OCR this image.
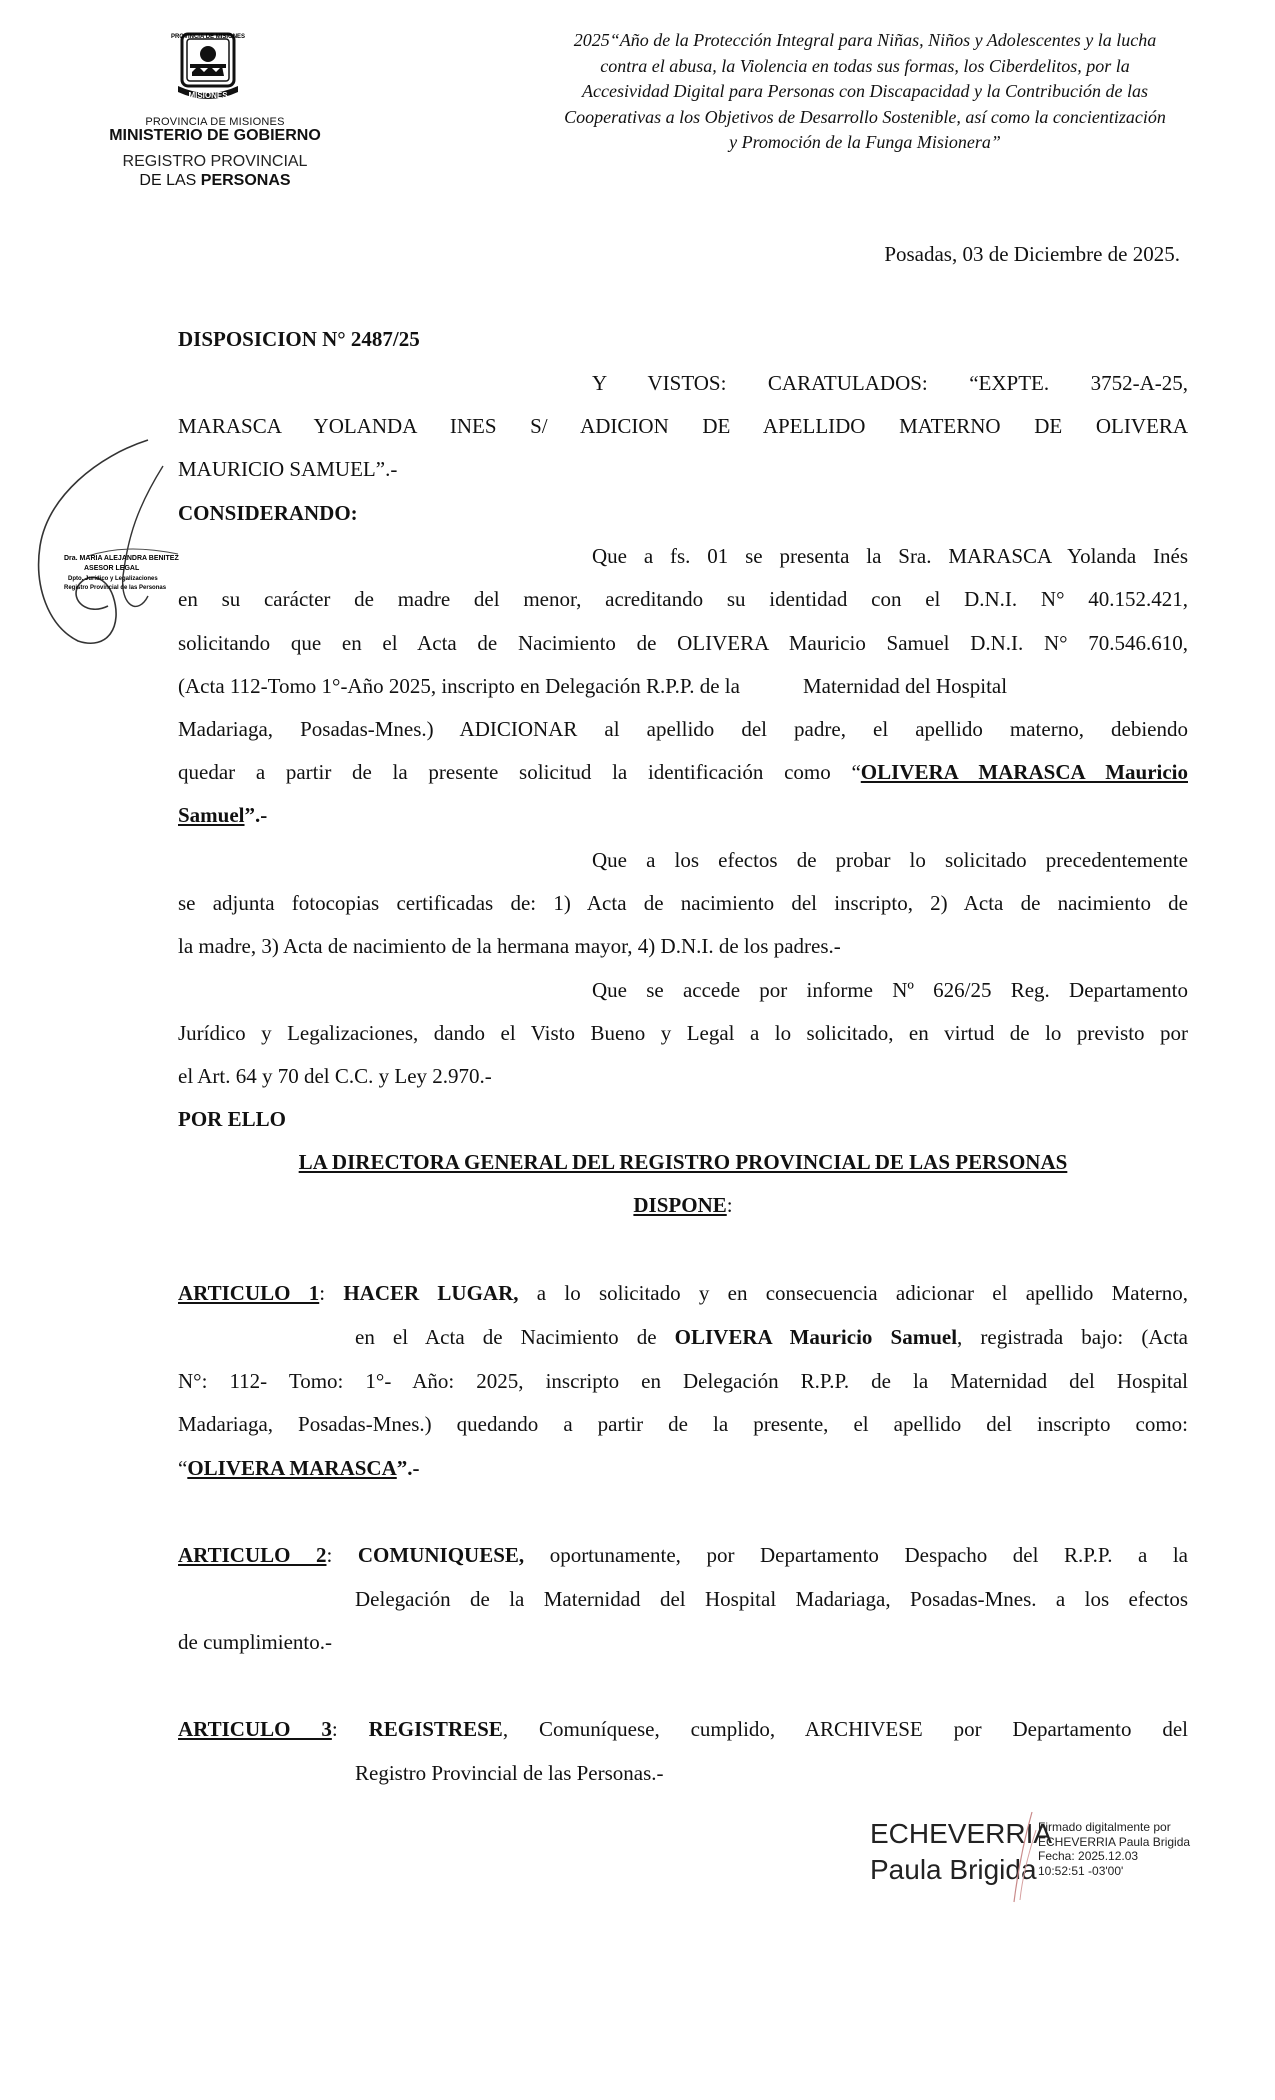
PROVINCIA DE MISIONES
MISIONES
PROVINCIA DE MISIONES
MINISTERIO DE GOBIERNO
REGISTRO PROVINCIAL
DE LAS PERSONAS
2025“Año de la Protección Integral para Niñas, Niños y Adolescentes y la lucha
contra el abusa, la Violencia en todas sus formas, los Ciberdelitos, por la
Accesividad Digital para Personas con Discapacidad y la Contribución de las
Cooperativas a los Objetivos de Desarrollo Sostenible, así como la concientización
y Promoción de la Funga Misionera”
Posadas, 03 de Diciembre de 2025.
Dra. MARIA ALEJANDRA BENITEZ
ASESOR LEGAL
Dpto. Jurídico y Legalizaciones
Registro Provincial de las Personas
DISPOSICION N° 2487/25
Y VISTOS: CARATULADOS: “EXPTE. 3752-A-25,
MARASCA YOLANDA INES S/ ADICION DE APELLIDO MATERNO DE OLIVERA
MAURICIO SAMUEL”.-
CONSIDERANDO:
Que a fs. 01 se presenta la Sra. MARASCA Yolanda Inés
en su carácter de madre del menor, acreditando su identidad con el D.N.I. N° 40.152.421,
solicitando que en el Acta de Nacimiento de OLIVERA Mauricio Samuel D.N.I. N° 70.546.610,
(Acta 112-Tomo 1°-Año 2025, inscripto en Delegación R.P.P. de la            Maternidad del Hospital
Madariaga, Posadas-Mnes.) ADICIONAR al apellido del padre, el apellido materno, debiendo
quedar a partir de la presente solicitud la identificación como “OLIVERA MARASCA Mauricio
Samuel”.-
Que a los efectos de probar lo solicitado precedentemente
se adjunta fotocopias certificadas de: 1) Acta de nacimiento del inscripto, 2) Acta de nacimiento de
la madre, 3) Acta de nacimiento de la hermana mayor, 4) D.N.I. de los padres.-
Que se accede por informe Nº 626/25 Reg. Departamento
Jurídico y Legalizaciones, dando el Visto Bueno y Legal a lo solicitado, en virtud de lo previsto por
el Art. 64 y 70 del C.C. y Ley 2.970.-
POR ELLO
LA DIRECTORA GENERAL DEL REGISTRO PROVINCIAL DE LAS PERSONAS
DISPONE:
ARTICULO 1: HACER LUGAR, a lo solicitado y en consecuencia adicionar el apellido Materno,
en el Acta de Nacimiento de OLIVERA Mauricio Samuel, registrada bajo: (Acta
N°: 112- Tomo: 1°- Año: 2025, inscripto en Delegación R.P.P. de la Maternidad del Hospital
Madariaga, Posadas-Mnes.) quedando a partir de la presente, el apellido del inscripto como:
“OLIVERA MARASCA”.-
ARTICULO 2: COMUNIQUESE, oportunamente, por Departamento Despacho del R.P.P. a la
Delegación de la Maternidad del Hospital Madariaga, Posadas-Mnes. a los efectos
de cumplimiento.-
ARTICULO 3: REGISTRESE, Comuníquese, cumplido, ARCHIVESE por Departamento del
Registro Provincial de las Personas.-
ECHEVERRIA
Paula Brigida
Firmado digitalmente por
ECHEVERRIA Paula Brigida
Fecha: 2025.12.03
10:52:51 -03'00'
